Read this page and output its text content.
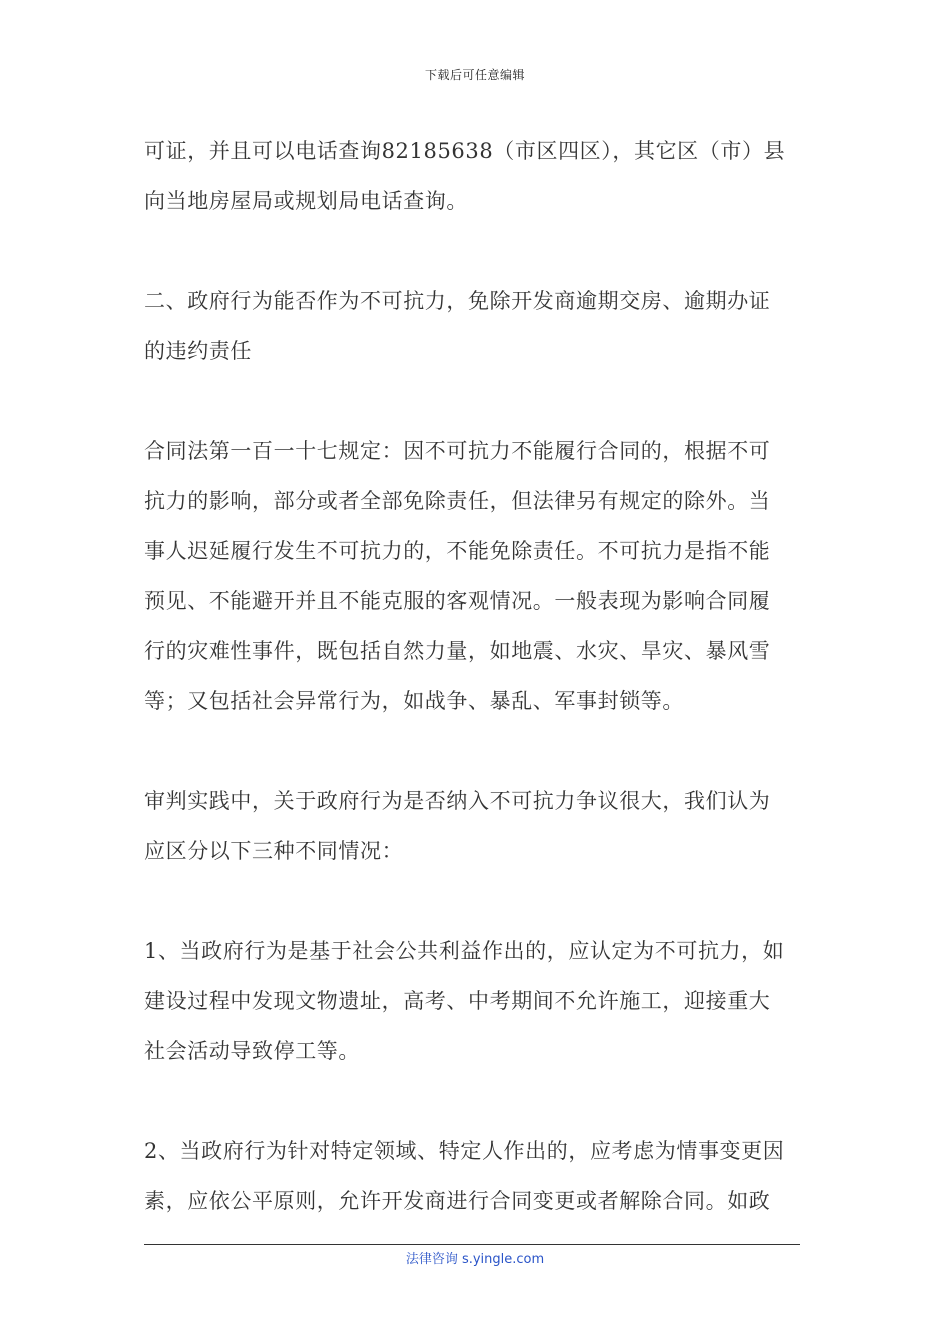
下载后可任意编辑

可证，并且可以电话查询82185638（市区四区），其它区（市）县
向当地房屋局或规划局电话查询。

二、政府行为能否作为不可抗力，免除开发商逾期交房、逾期办证
的违约责任

合同法第一百一十七规定：因不可抗力不能履行合同的，根据不可
抗力的影响，部分或者全部免除责任，但法律另有规定的除外。当
事人迟延履行发生不可抗力的，不能免除责任。不可抗力是指不能
预见、不能避开并且不能克服的客观情况。一般表现为影响合同履
行的灾难性事件，既包括自然力量，如地震、水灾、旱灾、暴风雪
等；又包括社会异常行为，如战争、暴乱、军事封锁等。

审判实践中，关于政府行为是否纳入不可抗力争议很大，我们认为
应区分以下三种不同情况：

1、当政府行为是基于社会公共利益作出的，应认定为不可抗力，如
建设过程中发现文物遗址，高考、中考期间不允许施工，迎接重大
社会活动导致停工等。

2、当政府行为针对特定领域、特定人作出的，应考虑为情事变更因
素，应依公平原则，允许开发商进行合同变更或者解除合同。如政

法律咨询 s.yingle.com
